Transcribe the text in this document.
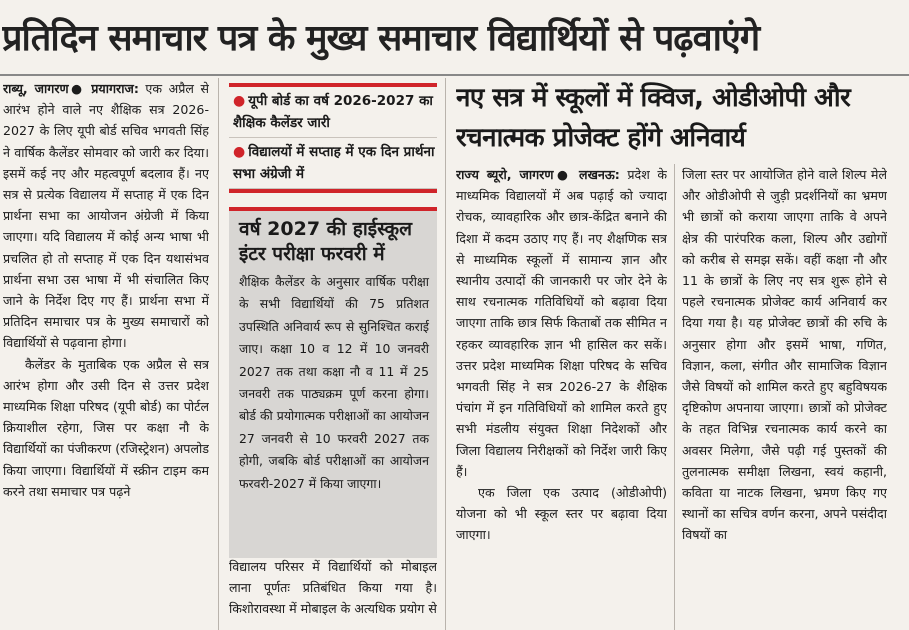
प्रतिदिन समाचार पत्र के मुख्य समाचार विद्यार्थियों से पढ़वाएंगे

राब्यू, जागरण● प्रयागराज: एक अप्रैल से आरंभ होने वाले नए शैक्षिक सत्र 2026-2027 के लिए यूपी बोर्ड सचिव भगवती सिंह ने वार्षिक कैलेंडर सोमवार को जारी कर दिया। इसमें कई नए और महत्वपूर्ण बदलाव हैं। नए सत्र से प्रत्येक विद्यालय में सप्ताह में एक दिन प्रार्थना सभा का आयोजन अंग्रेजी में किया जाएगा। यदि विद्यालय में कोई अन्य भाषा भी प्रचलित हो तो सप्ताह में एक दिन यथासंभव प्रार्थना सभा उस भाषा में भी संचालित किए जाने के निर्देश दिए गए हैं। प्रार्थना सभा में प्रतिदिन समाचार पत्र के मुख्य समाचारों को विद्यार्थियों से पढ़वाना होगा।

कैलेंडर के मुताबिक एक अप्रैल से सत्र आरंभ होगा और उसी दिन से उत्तर प्रदेश माध्यमिक शिक्षा परिषद (यूपी बोर्ड) का पोर्टल क्रियाशील रहेगा, जिस पर कक्षा नौ के विद्यार्थियों का पंजीकरण (रजिस्ट्रेशन) अपलोड किया जाएगा। विद्यार्थियों में स्क्रीन टाइम कम करने तथा समाचार पत्र पढ़ने

● यूपी बोर्ड का वर्ष 2026-2027 का शैक्षिक कैलेंडर जारी
● विद्यालयों में सप्ताह में एक दिन प्रार्थना सभा अंग्रेजी में
वर्ष 2027 की हाईस्कूल इंटर परीक्षा फरवरी में
शैक्षिक कैलेंडर के अनुसार वार्षिक परीक्षा के सभी विद्यार्थियों की 75 प्रतिशत उपस्थिति अनिवार्य रूप से सुनिश्चित कराई जाए। कक्षा 10 व 12 में 10 जनवरी 2027 तक तथा कक्षा नौ व 11 में 25 जनवरी तक पाठ्यक्रम पूर्ण करना होगा। बोर्ड की प्रयोगात्मक परीक्षाओं का आयोजन 27 जनवरी से 10 फरवरी 2027 तक होगी, जबकि बोर्ड परीक्षाओं का आयोजन फरवरी-2027 में किया जाएगा।

विद्यालय परिसर में विद्यार्थियों को मोबाइल लाना पूर्णतः प्रतिबंधित किया गया है। किशोरावस्था में मोबाइल के अत्यधिक प्रयोग से

नए सत्र में स्कूलों में क्विज, ओडीओपी और रचनात्मक प्रोजेक्ट होंगे अनिवार्य

राज्य ब्यूरो, जागरण● लखनऊ: प्रदेश के माध्यमिक विद्यालयों में अब पढ़ाई को ज्यादा रोचक, व्यावहारिक और छात्र-केंद्रित बनाने की दिशा में कदम उठाए गए हैं। नए शैक्षणिक सत्र से माध्यमिक स्कूलों में सामान्य ज्ञान और स्थानीय उत्पादों की जानकारी पर जोर देने के साथ रचनात्मक गतिविधियों को बढ़ावा दिया जाएगा ताकि छात्र सिर्फ किताबों तक सीमित न रहकर व्यावहारिक ज्ञान भी हासिल कर सकें। उत्तर प्रदेश माध्यमिक शिक्षा परिषद के सचिव भगवती सिंह ने सत्र 2026-27 के शैक्षिक पंचांग में इन गतिविधियों को शामिल करते हुए सभी मंडलीय संयुक्त शिक्षा निदेशकों और जिला विद्यालय निरीक्षकों को निर्देश जारी किए हैं।

एक जिला एक उत्पाद (ओडीओपी) योजना को भी स्कूल स्तर पर बढ़ावा दिया जाएगा।

जिला स्तर पर आयोजित होने वाले शिल्प मेले और ओडीओपी से जुड़ी प्रदर्शनियों का भ्रमण भी छात्रों को कराया जाएगा ताकि वे अपने क्षेत्र की पारंपरिक कला, शिल्प और उद्योगों को करीब से समझ सकें। वहीं कक्षा नौ और 11 के छात्रों के लिए नए सत्र शुरू होने से पहले रचनात्मक प्रोजेक्ट कार्य अनिवार्य कर दिया गया है। यह प्रोजेक्ट छात्रों की रुचि के अनुसार होगा और इसमें भाषा, गणित, विज्ञान, कला, संगीत और सामाजिक विज्ञान जैसे विषयों को शामिल करते हुए बहुविषयक दृष्टिकोण अपनाया जाएगा। छात्रों को प्रोजेक्ट के तहत विभिन्न रचनात्मक कार्य करने का अवसर मिलेगा, जैसे पढ़ी गई पुस्तकों की तुलनात्मक समीक्षा लिखना, स्वयं कहानी, कविता या नाटक लिखना, भ्रमण किए गए स्थानों का सचित्र वर्णन करना, अपने पसंदीदा विषयों का
